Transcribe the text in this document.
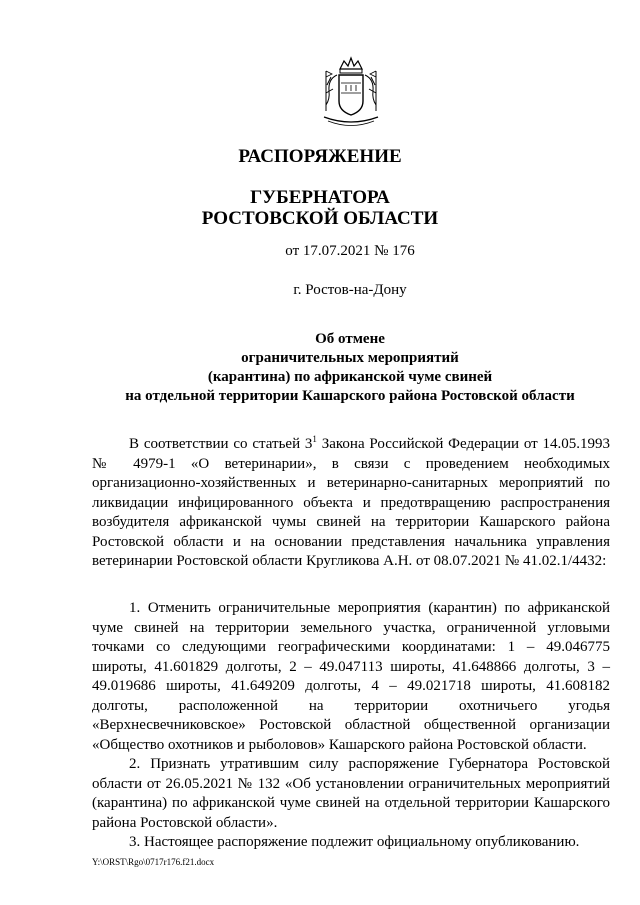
РАСПОРЯЖЕНИЕ
ГУБЕРНАТОРА
РОСТОВСКОЙ ОБЛАСТИ
от 17.07.2021 № 176
г. Ростов-на-Дону
Об отмене
ограничительных мероприятий
(карантина) по африканской чуме свиней
на отдельной территории Кашарского района Ростовской области

В соответствии со статьей $3^1$ Закона Российской Федерации от 14.05.1993 № 4979-1 «О ветеринарии», в связи с проведением необходимых организационно-хозяйственных и ветеринарно-санитарных мероприятий по ликвидации инфицированного объекта и предотвращению распространения возбудителя африканской чумы свиней на территории Кашарского района Ростовской области и на основании представления начальника управления ветеринарии Ростовской области Кругликова А.Н. от 08.07.2021 № 41.02.1/4432:

1. Отменить ограничительные мероприятия (карантин) по африканской чуме свиней на территории земельного участка, ограниченной угловыми точками со следующими географическими координатами: 1 – 49.046775 широты, 41.601829 долготы, 2 – 49.047113 широты, 41.648866 долготы, 3 – 49.019686 широты, 41.649209 долготы, 4 – 49.021718 широты, 41.608182 долготы, расположенной на территории охотничьего угодья «Верхнесвечниковское» Ростовской областной общественной организации «Общество охотников и рыболовов» Кашарского района Ростовской области.

2. Признать утратившим силу распоряжение Губернатора Ростовской области от 26.05.2021 № 132 «Об установлении ограничительных мероприятий (карантина) по африканской чуме свиней на отдельной территории Кашарского района Ростовской области».

3. Настоящее распоряжение подлежит официальному опубликованию.

Y:\ORST\Rgo\0717r176.f21.docx
